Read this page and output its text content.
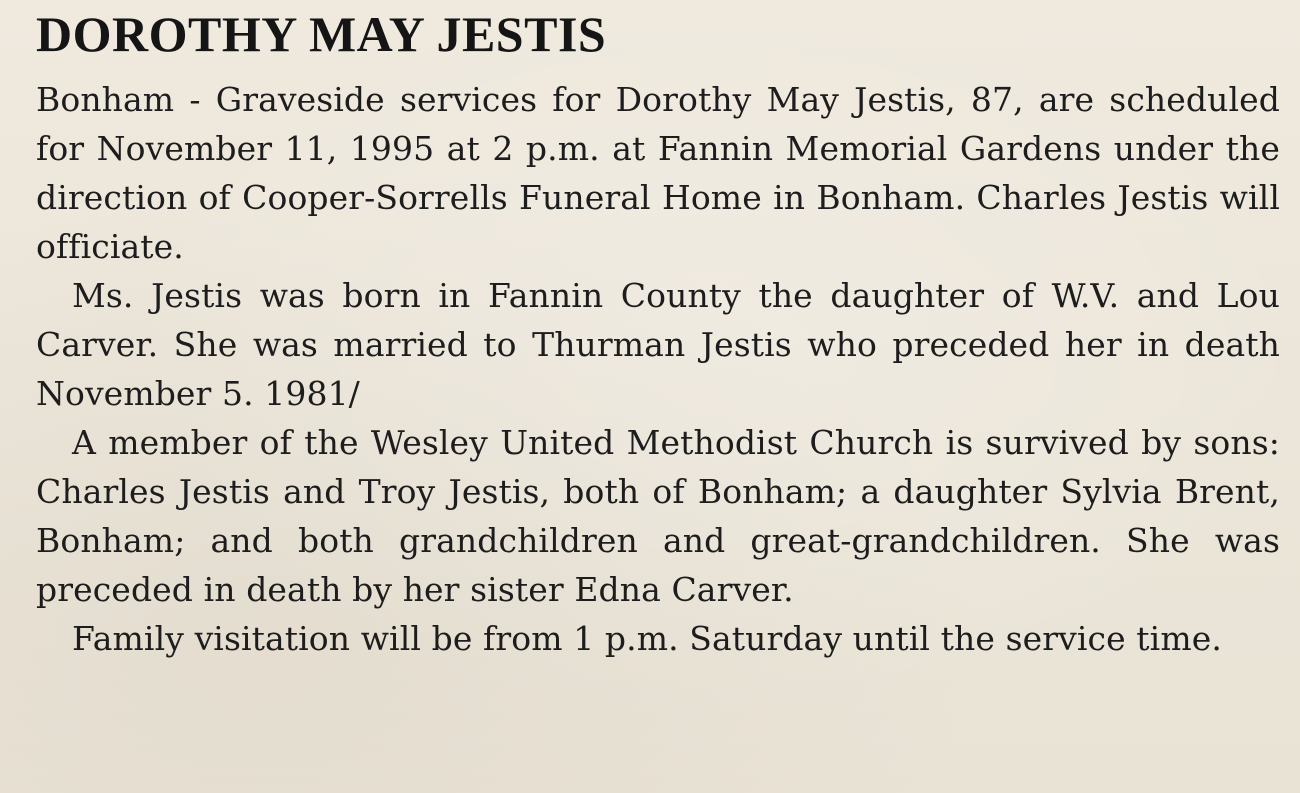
DOROTHY MAY JESTIS

Bonham - Graveside services for Dorothy May Jestis, 87, are scheduled for November 11, 1995 at 2 p.m. at Fannin Memorial Gardens under the direction of Cooper-Sorrells Funeral Home in Bonham. Charles Jestis will officiate.

Ms. Jestis was born in Fannin County the daughter of W.V. and Lou Carver. She was married to Thurman Jestis who preceded her in death November 5. 1981/

A member of the Wesley United Methodist Church is survived by sons: Charles Jestis and Troy Jestis, both of Bonham; a daughter Sylvia Brent, Bonham; and both grandchildren and great-grandchildren. She was preceded in death by her sister Edna Carver.

Family visitation will be from 1 p.m. Saturday until the service time.
